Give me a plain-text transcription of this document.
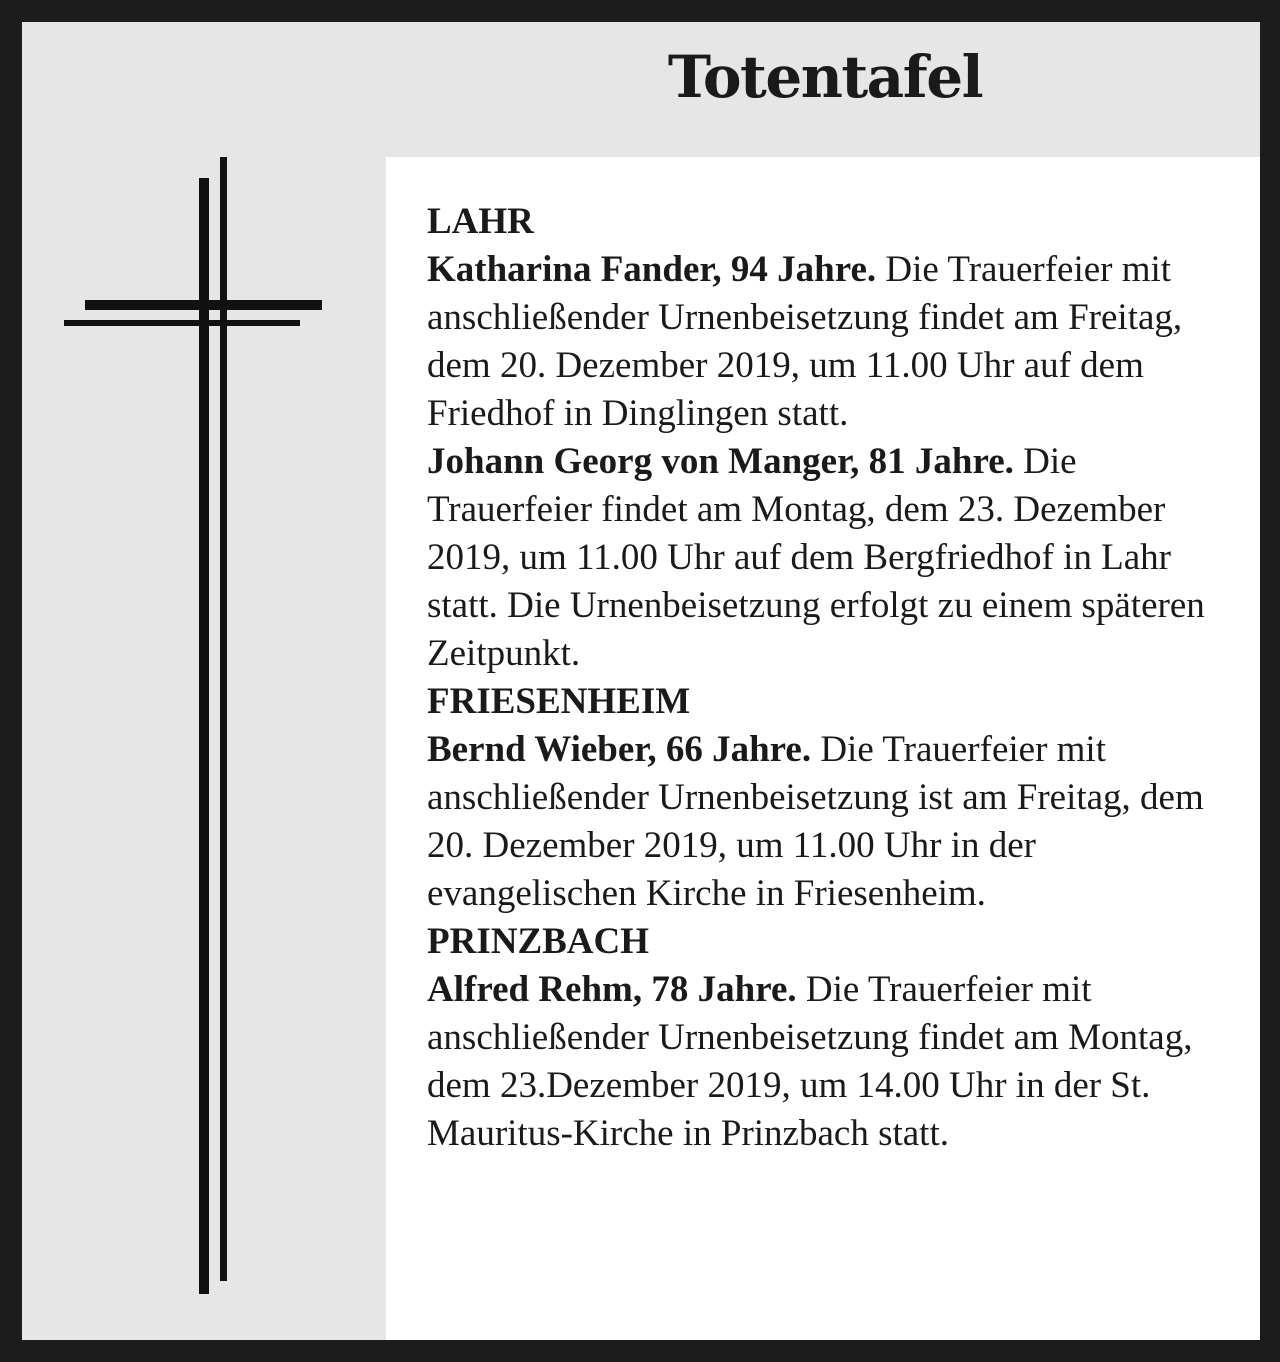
Totentafel
LAHR
Katharina Fander, 94 Jahre. Die Trauerfeier mit anschließender Urnenbeisetzung findet am Freitag, dem 20. Dezember 2019, um 11.00 Uhr auf dem Friedhof in Dinglingen statt.
Johann Georg von Manger, 81 Jahre. Die Trauerfeier findet am Montag, dem 23. Dezember 2019, um 11.00 Uhr auf dem Bergfriedhof in Lahr statt. Die Urnenbeisetzung erfolgt zu einem späteren Zeitpunkt.
FRIESENHEIM
Bernd Wieber, 66 Jahre. Die Trauerfeier mit anschließender Urnenbeisetzung ist am Freitag, dem 20. Dezember 2019, um 11.00 Uhr in der evangelischen Kirche in Friesenheim.
PRINZBACH
Alfred Rehm, 78 Jahre. Die Trauerfeier mit anschließender Urnenbeisetzung findet am Montag, dem 23.Dezember 2019, um 14.00 Uhr in der St. Mauritus-Kirche in Prinzbach statt.
